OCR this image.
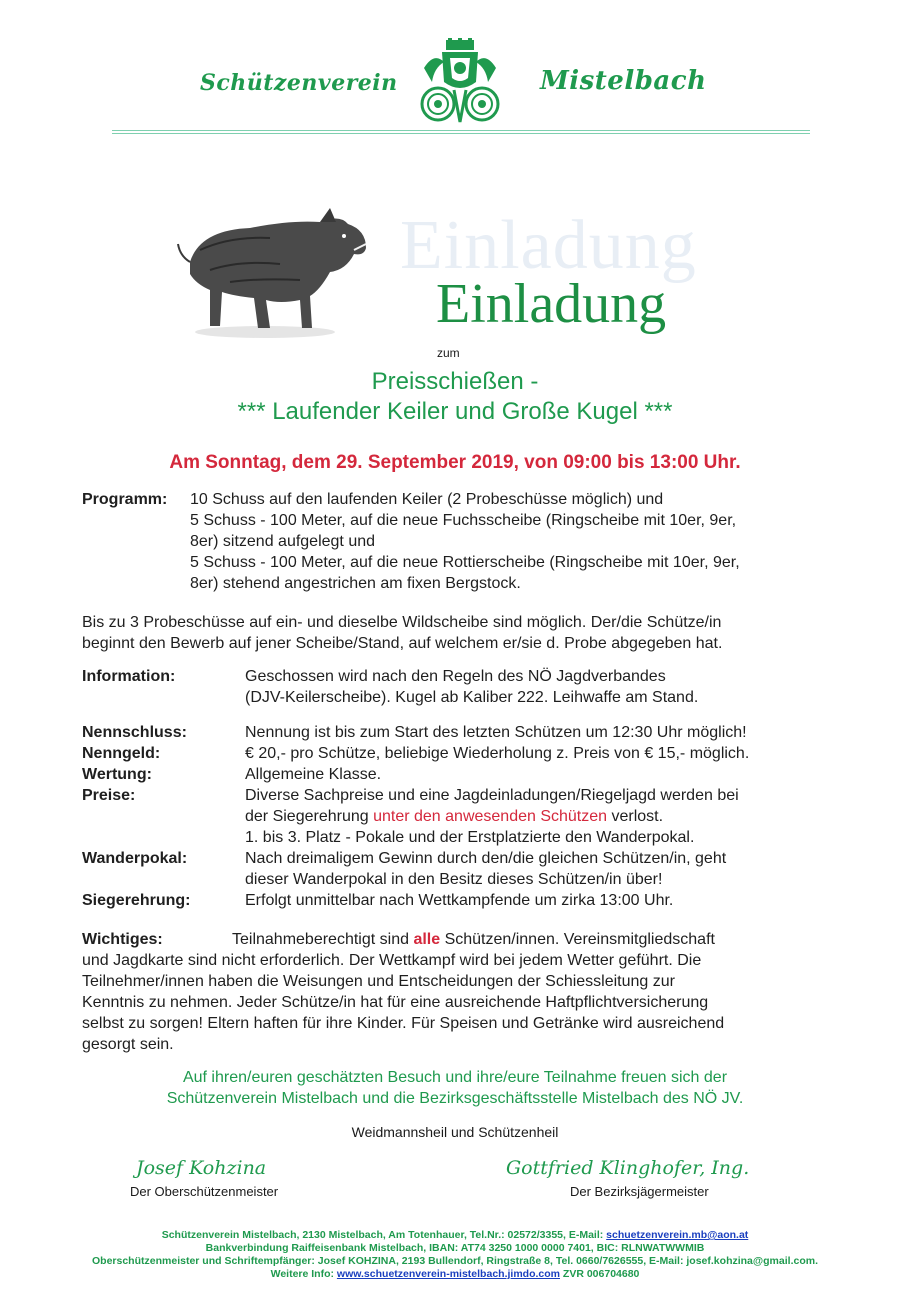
Schützenverein	Mistelbach
Einladung
Einladung
zum
Preisschießen -
*** Laufender Keiler und Große Kugel ***
Am Sonntag, dem 29. September 2019, von 09:00 bis 13:00 Uhr.
Programm: 10 Schuss auf den laufenden Keiler (2 Probeschüsse möglich) und
5 Schuss - 100 Meter, auf die neue Fuchsscheibe (Ringscheibe mit 10er, 9er,
8er) sitzend aufgelegt und
5 Schuss - 100 Meter, auf die neue Rottierscheibe (Ringscheibe mit 10er, 9er,
8er) stehend angestrichen am fixen Bergstock.
Bis zu 3 Probeschüsse auf ein- und dieselbe Wildscheibe sind möglich. Der/die Schütze/in
beginnt den Bewerb auf jener Scheibe/Stand, auf welchem er/sie d. Probe abgegeben hat.
Information:	Geschossen wird nach den Regeln des NÖ Jagdverbandes
(DJV-Keilerscheibe). Kugel ab Kaliber 222. Leihwaffe am Stand.
Nennschluss:	Nennung ist bis zum Start des letzten Schützen um 12:30 Uhr möglich!
Nenngeld:	€ 20,- pro Schütze, beliebige Wiederholung z. Preis von € 15,- möglich.
Wertung:	Allgemeine Klasse.
Preise:	Diverse Sachpreise und eine Jagdeinladungen/Riegeljagd werden bei
der Siegerehrung unter den anwesenden Schützen verlost.
1. bis 3. Platz - Pokale und der Erstplatzierte den Wanderpokal.
Wanderpokal:	Nach dreimaligem Gewinn durch den/die gleichen Schützen/in, geht
dieser Wanderpokal in den Besitz dieses Schützen/in über!
Siegerehrung:	Erfolgt unmittelbar nach Wettkampfende um zirka 13:00 Uhr.
Wichtiges:	Teilnahmeberechtigt sind alle Schützen/innen. Vereinsmitgliedschaft
und Jagdkarte sind nicht erforderlich. Der Wettkampf wird bei jedem Wetter geführt. Die
Teilnehmer/innen haben die Weisungen und Entscheidungen der Schiessleitung zur
Kenntnis zu nehmen. Jeder Schütze/in hat für eine ausreichende Haftpflichtversicherung
selbst zu sorgen! Eltern haften für ihre Kinder. Für Speisen und Getränke wird ausreichend
gesorgt sein.
Auf ihren/euren geschätzten Besuch und ihre/eure Teilnahme freuen sich der
Schützenverein Mistelbach und die Bezirksgeschäftsstelle Mistelbach des NÖ JV.
Weidmannsheil und Schützenheil
Josef Kohzina
Der Oberschützenmeister
Gottfried Klinghofer, Ing.
Der Bezirksjägermeister
Schützenverein Mistelbach, 2130 Mistelbach, Am Totenhauer, Tel.Nr.: 02572/3355, E-Mail: schuetzenverein.mb@aon.at
Bankverbindung Raiffeisenbank Mistelbach, IBAN: AT74 3250 1000 0000 7401, BIC: RLNWATWWMIB
Oberschützenmeister und Schriftempfänger: Josef KOHZINA, 2193 Bullendorf, Ringstraße 8, Tel. 0660/7626555, E-Mail: josef.kohzina@gmail.com.
Weitere Info: www.schuetzenverein-mistelbach.jimdo.com ZVR 006704680
